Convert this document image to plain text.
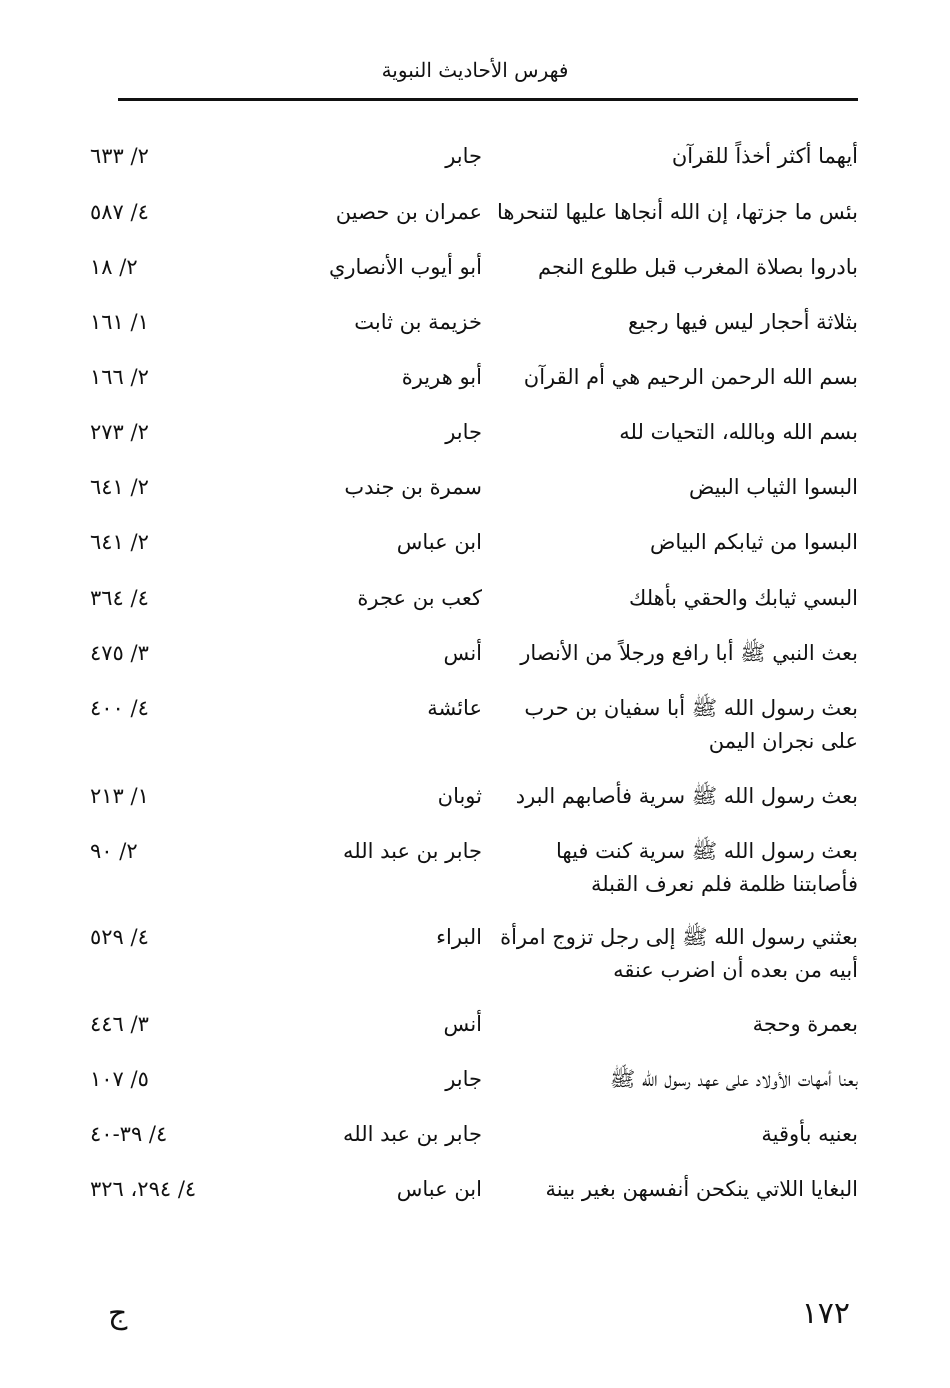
فهرس الأحاديث النبوية
أيهما أكثر أخذاً للقرآن
جابر
٢/ ٦٣٣
بئس ما جزتها، إن الله أنجاها عليها لتنحرها
عمران بن حصين
٤/ ٥٨٧
بادروا بصلاة المغرب قبل طلوع النجم
أبو أيوب الأنصاري
٢/ ١٨
بثلاثة أحجار ليس فيها رجيع
خزيمة بن ثابت
١/ ١٦١
بسم الله الرحمن الرحيم هي أم القرآن
أبو هريرة
٢/ ١٦٦
بسم الله وبالله، التحيات لله
جابر
٢/ ٢٧٣
البسوا الثياب البيض
سمرة بن جندب
٢/ ٦٤١
البسوا من ثيابكم البياض
ابن عباس
٢/ ٦٤١
البسي ثيابك والحقي بأهلك
كعب بن عجرة
٤/ ٣٦٤
بعث النبي ﷺ أبا رافع ورجلاً من الأنصار
أنس
٣/ ٤٧٥
بعث رسول الله ﷺ أبا سفيان بن حرب على نجران اليمن
عائشة
٤/ ٤٠٠
بعث رسول الله ﷺ سرية فأصابهم البرد
ثوبان
١/ ٢١٣
بعث رسول الله ﷺ سرية كنت فيها فأصابتنا ظلمة فلم نعرف القبلة
جابر بن عبد الله
٢/ ٩٠
بعثني رسول الله ﷺ إلى رجل تزوج امرأة أبيه من بعده أن اضرب عنقه
البراء
٤/ ٥٢٩
بعمرة وحجة
أنس
٣/ ٤٤٦
بعنا أمهات الأولاد على عهد رسول الله ﷺ
جابر
٥/ ١٠٧
بعنيه بأوقية
جابر بن عبد الله
٤/ ٣٩-٤٠
البغايا اللاتي ينكحن أنفسهن بغير بينة
ابن عباس
٤/ ٢٩٤، ٣٢٦
١٧٢
ج
